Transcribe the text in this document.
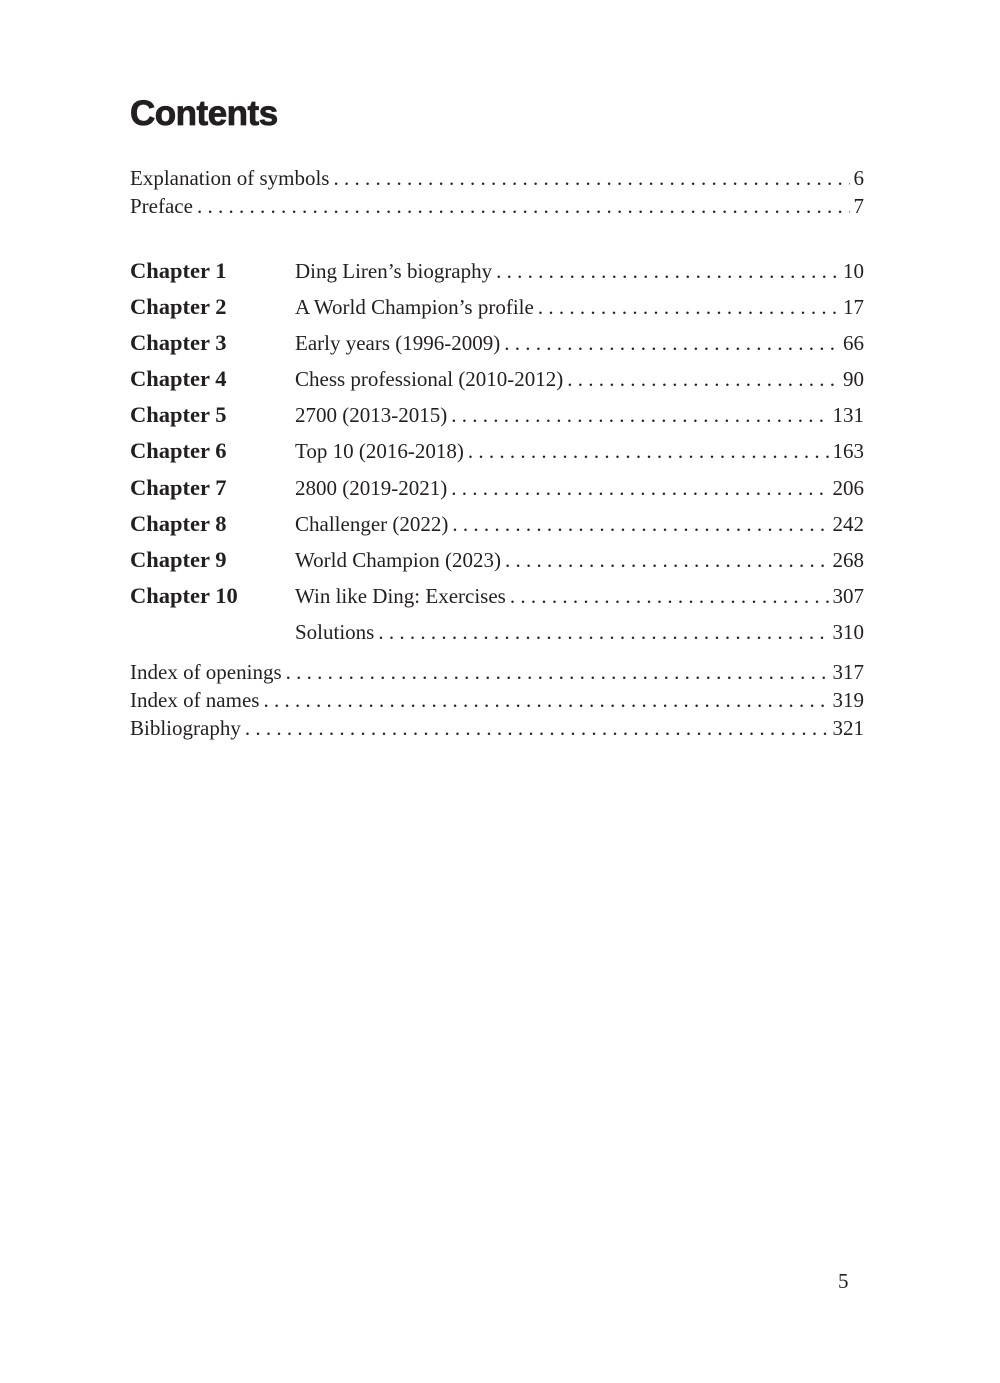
Contents
Explanation of symbols . . .	6
Preface . . .	7
Chapter 1	Ding Liren’s biography . . .	10
Chapter 2	A World Champion’s profile . . .	17
Chapter 3	Early years (1996-2009) . . .	66
Chapter 4	Chess professional (2010-2012) . . .	90
Chapter 5	2700 (2013-2015) . . .	131
Chapter 6	Top 10 (2016-2018) . . .	163
Chapter 7	2800 (2019-2021) . . .	206
Chapter 8	Challenger (2022) . . .	242
Chapter 9	World Champion (2023) . . .	268
Chapter 10	Win like Ding: Exercises . . .	307
Solutions . . .	310
Index of openings . . .	317
Index of names . . .	319
Bibliography . . .	321
5
